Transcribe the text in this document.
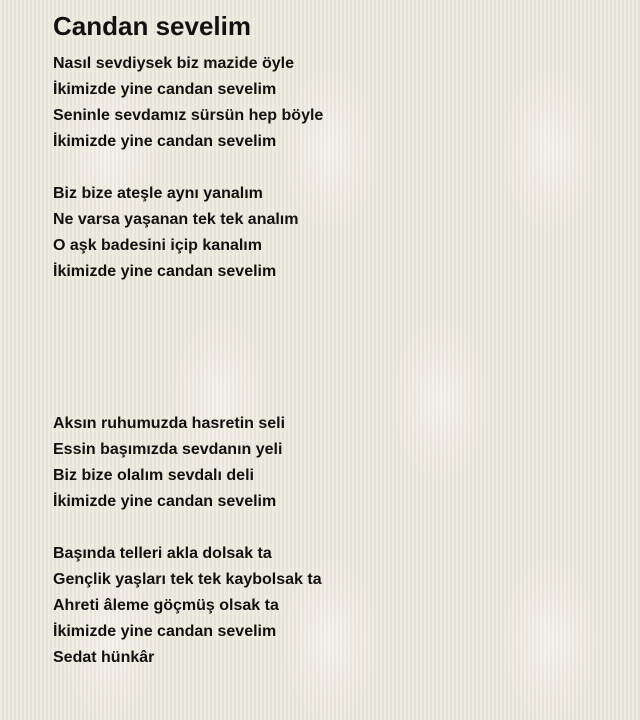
Candan sevelim
Nasıl sevdiysek biz mazide öyle
İkimizde yine candan sevelim
Seninle sevdamız sürsün hep böyle
İkimizde yine candan sevelim
Biz bize ateşle aynı yanalım
Ne varsa yaşanan tek tek analım
O aşk badesini içip kanalım
İkimizde yine candan sevelim
Aksın ruhumuzda hasretin seli
Essin başımızda sevdanın yeli
Biz bize olalım sevdalı deli
İkimizde yine candan sevelim
Başında telleri akla dolsak ta
Gençlik yaşları tek tek kaybolsak ta
Ahreti âleme göçmüş olsak ta
İkimizde yine candan sevelim
Sedat hünkâr
